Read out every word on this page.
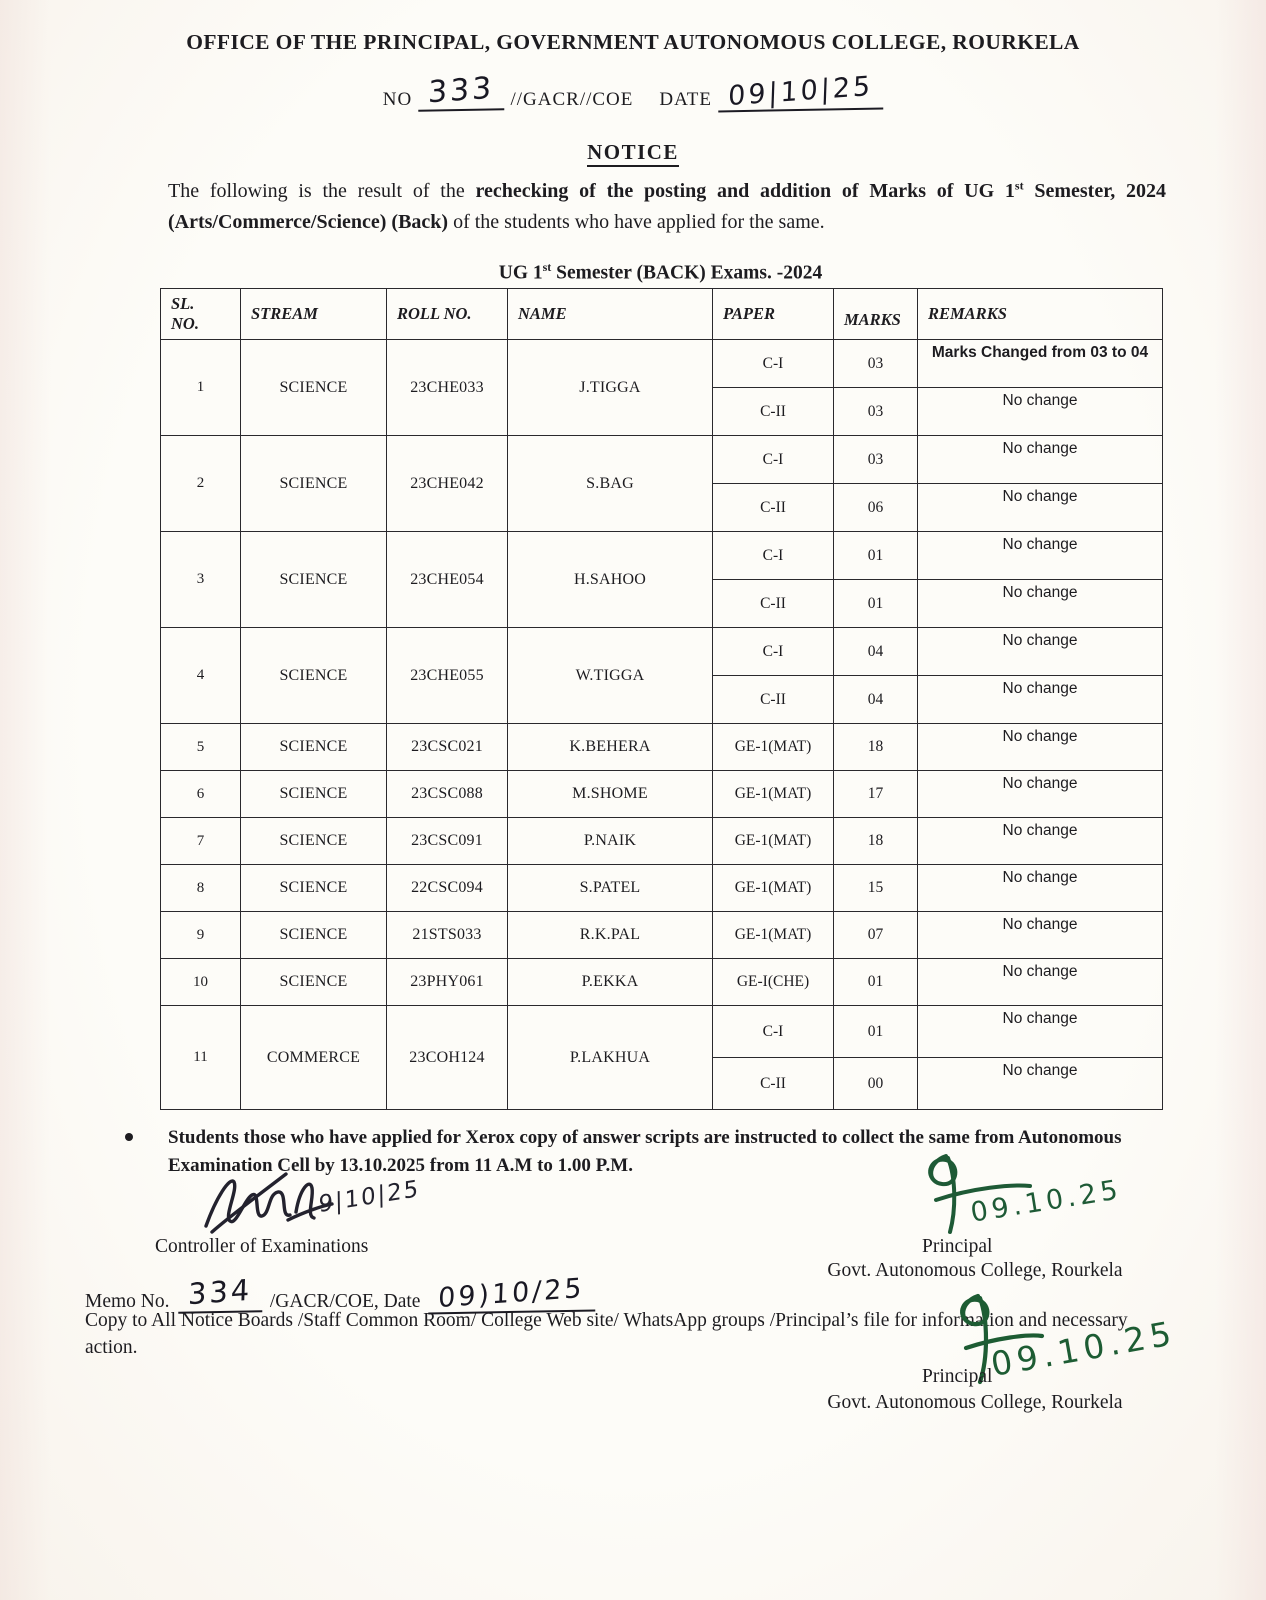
OFFICE OF THE PRINCIPAL, GOVERNMENT AUTONOMOUS COLLEGE, ROURKELA
NO 333 //GACR//COE DATE 09|10|25
NOTICE
The following is the result of the rechecking of the posting and addition of Marks of UG 1st Semester, 2024 (Arts/Commerce/Science) (Back) of the students who have applied for the same.
UG 1st Semester (BACK) Exams. -2024
SL.
NO.	STREAM	ROLL NO.	NAME	PAPER	MARKS	REMARKS
1	SCIENCE	23CHE033	J.TIGGA	C-I	03	Marks Changed from 03 to 04
				C-II	03	No change
2	SCIENCE	23CHE042	S.BAG	C-I	03	No change
				C-II	06	No change
3	SCIENCE	23CHE054	H.SAHOO	C-I	01	No change
				C-II	01	No change
4	SCIENCE	23CHE055	W.TIGGA	C-I	04	No change
				C-II	04	No change
5	SCIENCE	23CSC021	K.BEHERA	GE-1(MAT)	18	No change
6	SCIENCE	23CSC088	M.SHOME	GE-1(MAT)	17	No change
7	SCIENCE	23CSC091	P.NAIK	GE-1(MAT)	18	No change
8	SCIENCE	22CSC094	S.PATEL	GE-1(MAT)	15	No change
9	SCIENCE	21STS033	R.K.PAL	GE-1(MAT)	07	No change
10	SCIENCE	23PHY061	P.EKKA	GE-I(CHE)	01	No change
11	COMMERCE	23COH124	P.LAKHUA	C-I	01	No change
				C-II	00	No change
Students those who have applied for Xerox copy of answer scripts are instructed to collect the same from Autonomous Examination Cell by 13.10.2025 from 11 A.M to 1.00 P.M.
9|10|25
Controller of Examinations
09.10.25
Principal
Govt. Autonomous College, Rourkela
Memo No. 334 /GACR/COE, Date 09)10/25
Copy to All Notice Boards /Staff Common Room/ College Web site/ WhatsApp groups /Principal’s file for information and necessary action.	09.10.25
Principal
Govt. Autonomous College, Rourkela
